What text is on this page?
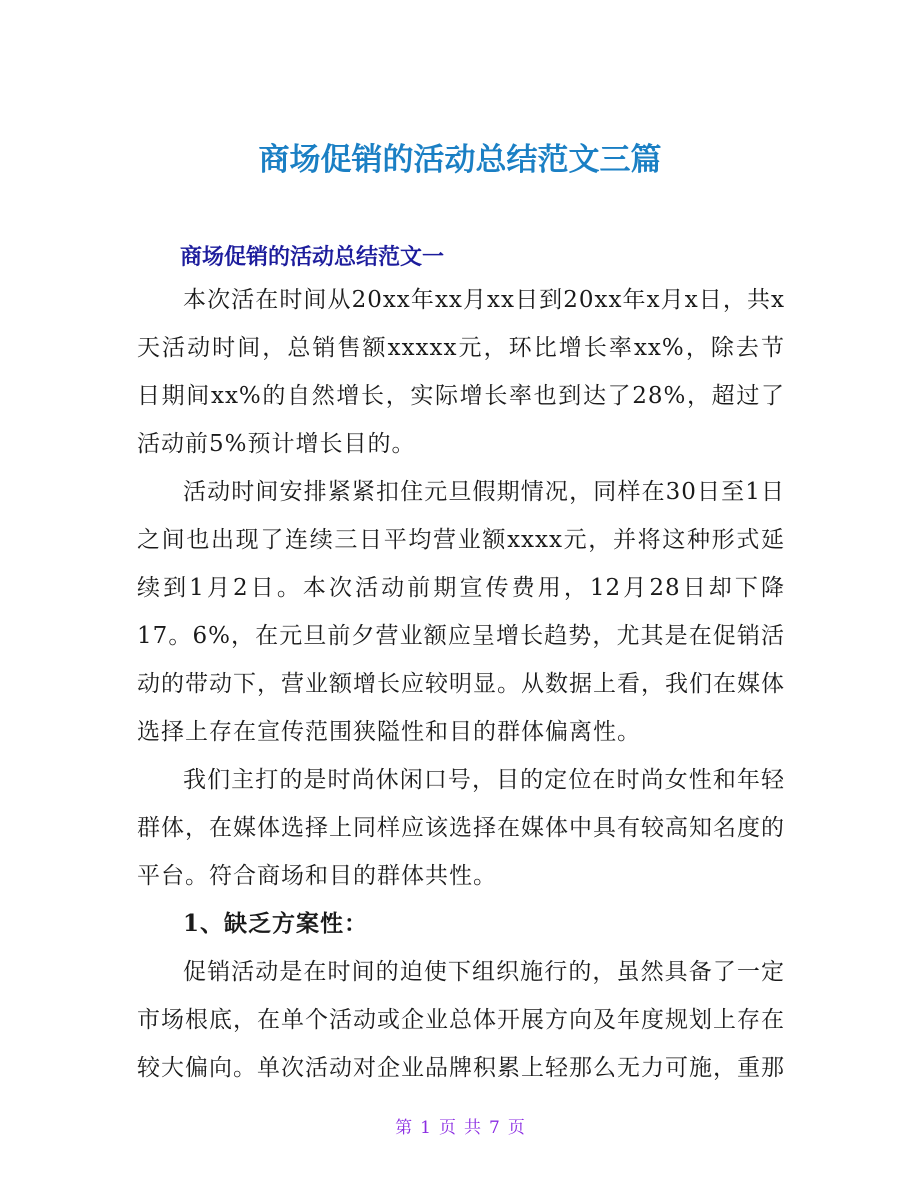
商场促销的活动总结范文三篇
商场促销的活动总结范文一

本次活在时间从20xx年xx月xx日到20xx年x月x日，共x天活动时间，总销售额xxxxx元，环比增长率xx%，除去节日期间xx%的自然增长，实际增长率也到达了28%，超过了活动前5%预计增长目的。

活动时间安排紧紧扣住元旦假期情况，同样在30日至1日之间也出现了连续三日平均营业额xxxx元，并将这种形式延续到1月2日。本次活动前期宣传费用，12月28日却下降17。6%，在元旦前夕营业额应呈增长趋势，尤其是在促销活动的带动下，营业额增长应较明显。从数据上看，我们在媒体选择上存在宣传范围狭隘性和目的群体偏离性。

我们主打的是时尚休闲口号，目的定位在时尚女性和年轻群体，在媒体选择上同样应该选择在媒体中具有较高知名度的平台。符合商场和目的群体共性。

1、缺乏方案性：

促销活动是在时间的迫使下组织施行的，虽然具备了一定市场根底，在单个活动或企业总体开展方向及年度规划上存在较大偏向。单次活动对企业品牌积累上轻那么无力可施，重那

第 1 页 共 7 页
